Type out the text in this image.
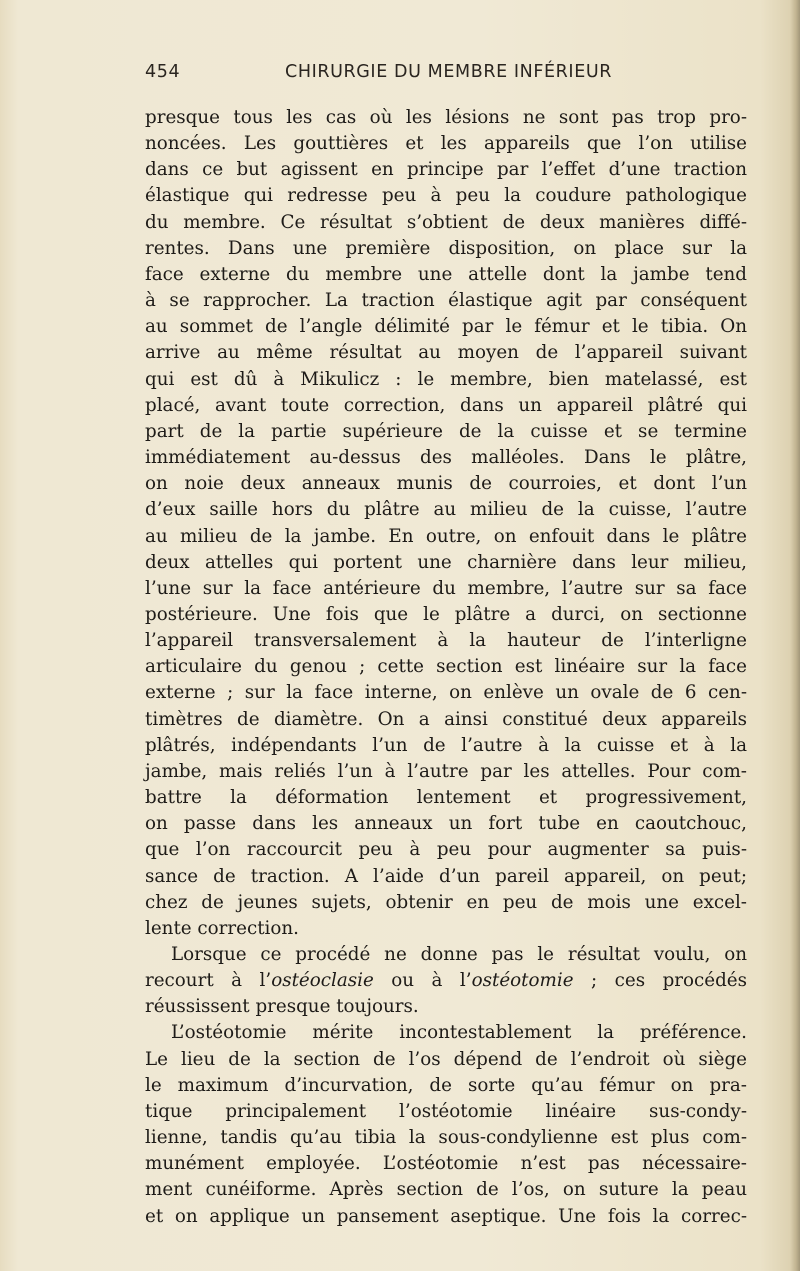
454	CHIRURGIE DU MEMBRE INFÉRIEUR
presque tous les cas où les lésions ne sont pas trop pro-
noncées. Les gouttières et les appareils que l’on utilise
dans ce but agissent en principe par l’effet d’une traction
élastique qui redresse peu à peu la coudure pathologique
du membre. Ce résultat s’obtient de deux manières diffé-
rentes. Dans une première disposition, on place sur la
face externe du membre une attelle dont la jambe tend
à se rapprocher. La traction élastique agit par conséquent
au sommet de l’angle délimité par le fémur et le tibia. On
arrive au même résultat au moyen de l’appareil suivant
qui est dû à Mikulicz : le membre, bien matelassé, est
placé, avant toute correction, dans un appareil plâtré qui
part de la partie supérieure de la cuisse et se termine
immédiatement au-dessus des malléoles. Dans le plâtre,
on noie deux anneaux munis de courroies, et dont l’un
d’eux saille hors du plâtre au milieu de la cuisse, l’autre
au milieu de la jambe. En outre, on enfouit dans le plâtre
deux attelles qui portent une charnière dans leur milieu,
l’une sur la face antérieure du membre, l’autre sur sa face
postérieure. Une fois que le plâtre a durci, on sectionne
l’appareil transversalement à la hauteur de l’interligne
articulaire du genou ; cette section est linéaire sur la face
externe ; sur la face interne, on enlève un ovale de 6 cen-
timètres de diamètre. On a ainsi constitué deux appareils
plâtrés, indépendants l’un de l’autre à la cuisse et à la
jambe, mais reliés l’un à l’autre par les attelles. Pour com-
battre la déformation lentement et progressivement,
on passe dans les anneaux un fort tube en caoutchouc,
que l’on raccourcit peu à peu pour augmenter sa puis-
sance de traction. A l’aide d’un pareil appareil, on peut;
chez de jeunes sujets, obtenir en peu de mois une excel-
lente correction.
Lorsque ce procédé ne donne pas le résultat voulu, on
recourt à l’ostéoclasie ou à l’ostéotomie ; ces procédés
réussissent presque toujours.
L’ostéotomie mérite incontestablement la préférence.
Le lieu de la section de l’os dépend de l’endroit où siège
le maximum d’incurvation, de sorte qu’au fémur on pra-
tique principalement l’ostéotomie linéaire sus-condy-
lienne, tandis qu’au tibia la sous-condylienne est plus com-
munément employée. L’ostéotomie n’est pas nécessaire-
ment cunéiforme. Après section de l’os, on suture la peau
et on applique un pansement aseptique. Une fois la correc-
